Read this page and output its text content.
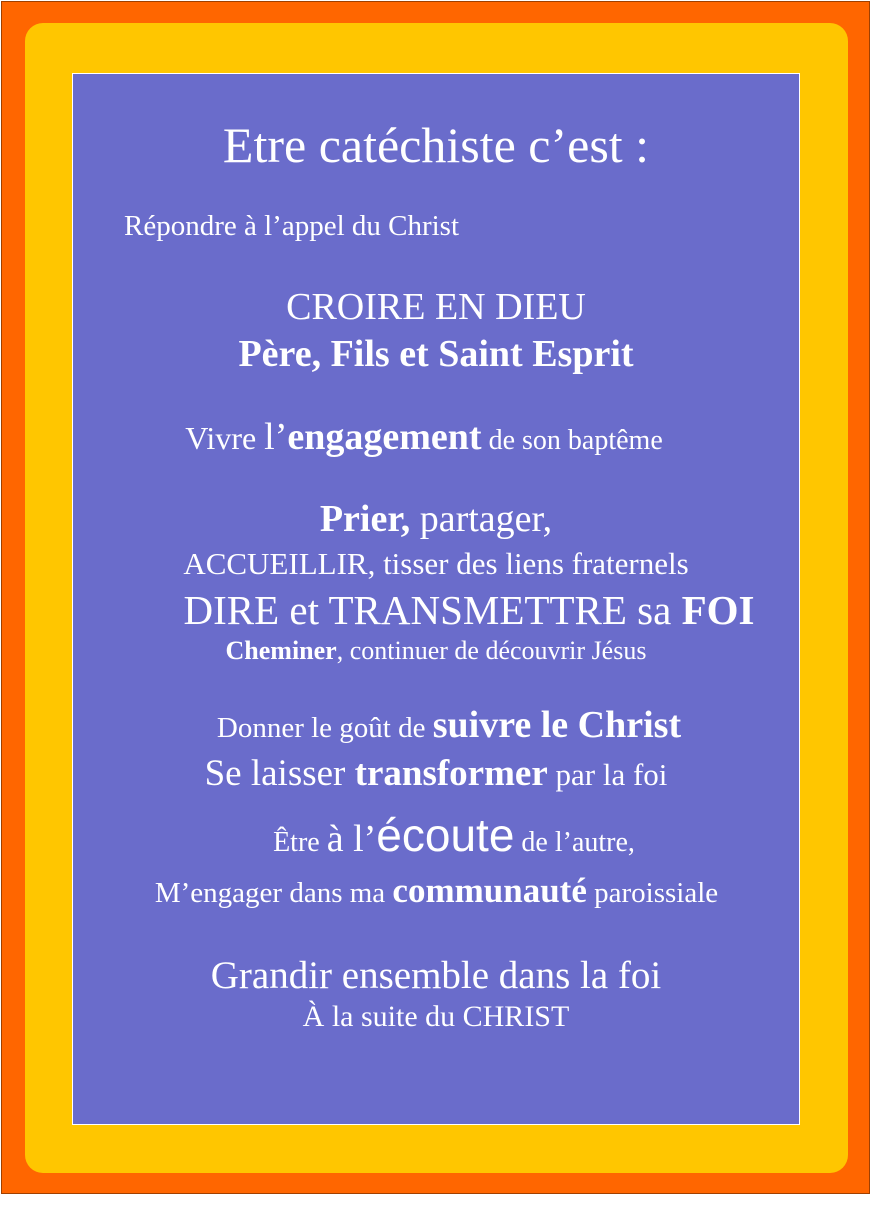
Etre catéchiste c’est :

Répondre à l’appel du Christ

CROIRE EN DIEU

Père, Fils et Saint Esprit

Vivre l’engagement de son baptême

Prier, partager,

ACCUEILLIR, tisser des liens fraternels

DIRE et TRANSMETTRE sa FOI

Cheminer, continuer de découvrir Jésus

Donner le goût de suivre le Christ

Se laisser transformer par la foi

Être à l’écoute de l’autre,

M’engager dans ma communauté paroissiale

Grandir ensemble dans la foi

À la suite du CHRIST
